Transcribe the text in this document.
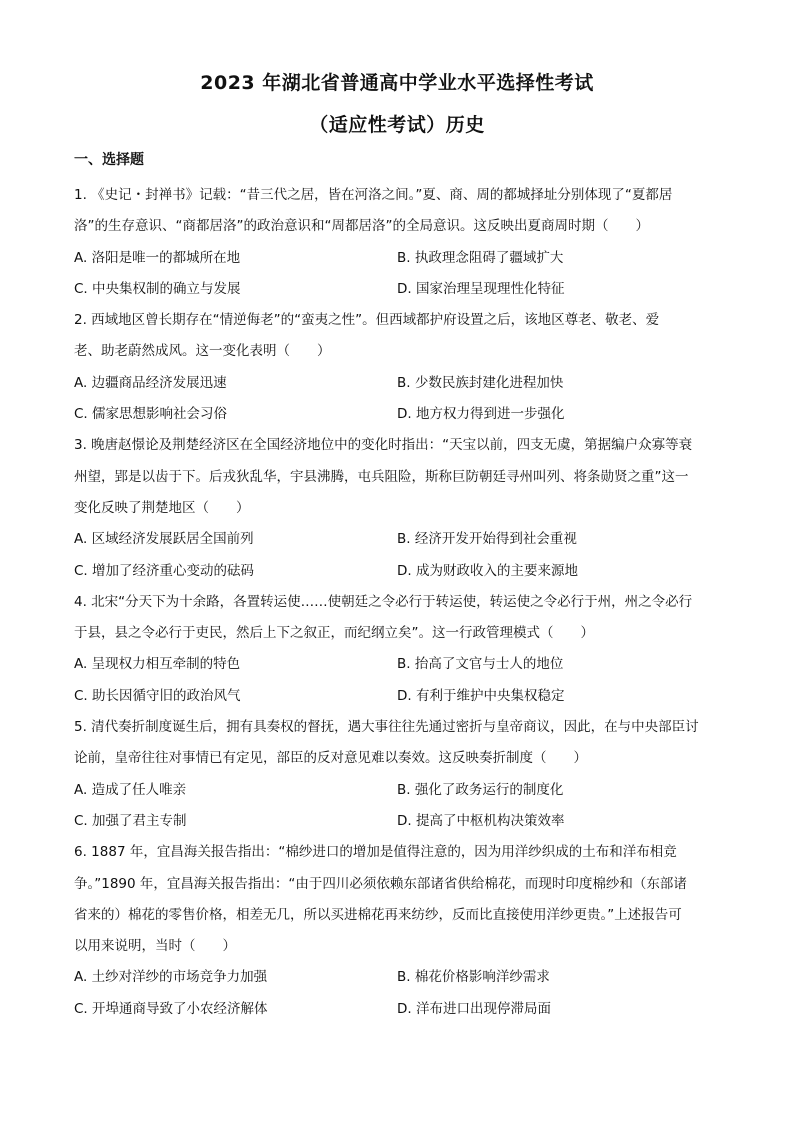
2023 年湖北省普通高中学业水平选择性考试
（适应性考试）历史
一、选择题
1. 《史记・封禅书》记载：“昔三代之居，皆在河洛之间。”夏、商、周的都城择址分别体现了“夏都居
洛”的生存意识、“商都居洛”的政治意识和“周都居洛”的全局意识。这反映出夏商周时期（　　）
A. 洛阳是唯一的都城所在地	B. 执政理念阻碍了疆域扩大
C. 中央集权制的确立与发展	D. 国家治理呈现理性化特征
2. 西域地区曾长期存在“情逆侮老”的“蛮夷之性”。但西域都护府设置之后，该地区尊老、敬老、爱
老、助老蔚然成风。这一变化表明（　　）
A. 边疆商品经济发展迅速	B. 少数民族封建化进程加快
C. 儒家思想影响社会习俗	D. 地方权力得到进一步强化
3. 晚唐赵憬论及荆楚经济区在全国经济地位中的变化时指出：“天宝以前，四支无虞，第据编户众寡等衰
州望，郢是以齿于下。后戎狄乱华，宇县沸腾，屯兵阻险，斯称巨防朝廷寻州叫列、将条勋贤之重”这一
变化反映了荆楚地区（　　）
A. 区域经济发展跃居全国前列	B. 经济开发开始得到社会重视
C. 增加了经济重心变动的砝码	D. 成为财政收入的主要来源地
4. 北宋“分天下为十余路，各置转运使……使朝廷之令必行于转运使，转运使之令必行于州，州之令必行
于县，县之令必行于吏民，然后上下之叙正，而纪纲立矣”。这一行政管理模式（　　）
A. 呈现权力相互牵制的特色	B. 抬高了文官与士人的地位
C. 助长因循守旧的政治风气	D. 有利于维护中央集权稳定
5. 清代奏折制度诞生后，拥有具奏权的督抚，遇大事往往先通过密折与皇帝商议，因此，在与中央部臣讨
论前，皇帝往往对事情已有定见，部臣的反对意见难以奏效。这反映奏折制度（　　）
A. 造成了任人唯亲	B. 强化了政务运行的制度化
C. 加强了君主专制	D. 提高了中枢机构决策效率
6. 1887 年，宜昌海关报告指出：“棉纱进口的增加是值得注意的，因为用洋纱织成的土布和洋布相竞
争。”1890 年，宜昌海关报告指出：“由于四川必须依赖东部诸省供给棉花，而现时印度棉纱和（东部诸
省来的）棉花的零售价格，相差无几，所以买进棉花再来纺纱，反而比直接使用洋纱更贵。”上述报告可
以用来说明，当时（　　）
A. 土纱对洋纱的市场竞争力加强	B. 棉花价格影响洋纱需求
C. 开埠通商导致了小农经济解体	D. 洋布进口出现停滞局面
